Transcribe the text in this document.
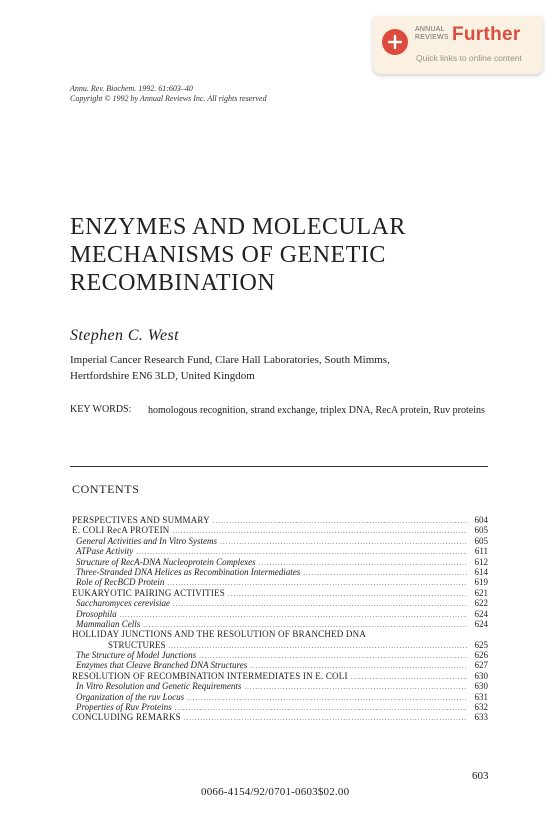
ANNUAL
REVIEWS Further
Quick links to online content
Annu. Rev. Biochem. 1992. 61:603–40
Copyright © 1992 by Annual Reviews Inc. All rights reserved
ENZYMES AND MOLECULAR
MECHANISMS OF GENETIC
RECOMBINATION
Stephen C. West
Imperial Cancer Research Fund, Clare Hall Laboratories, South Mimms,
Hertfordshire EN6 3LD, United Kingdom
KEY WORDS: homologous recognition, strand exchange, triplex DNA, RecA protein, Ruv proteins
CONTENTS
PERSPECTIVES AND SUMMARY .....	604
E. COLI RecA PROTEIN .....	605
General Activities and In Vitro Systems .....	605
ATPase Activity .....	611
Structure of RecA-DNA Nucleoprotein Complexes .....	612
Three-Stranded DNA Helices as Recombination Intermediates .....	614
Role of RecBCD Protein .....	619
EUKARYOTIC PAIRING ACTIVITIES .....	621
Saccharomyces cerevisiae .....	622
Drosophila .....	624
Mammalian Cells .....	624
HOLLIDAY JUNCTIONS AND THE RESOLUTION OF BRANCHED DNA
STRUCTURES .....	625
The Structure of Model Junctions .....	626
Enzymes that Cleave Branched DNA Structures .....	627
RESOLUTION OF RECOMBINATION INTERMEDIATES IN E. COLI .....	630
In Vitro Resolution and Genetic Requirements .....	630
Organization of the ruv Locus .....	631
Properties of Ruv Proteins .....	632
CONCLUDING REMARKS .....	633
603
0066-4154/92/0701-0603$02.00
